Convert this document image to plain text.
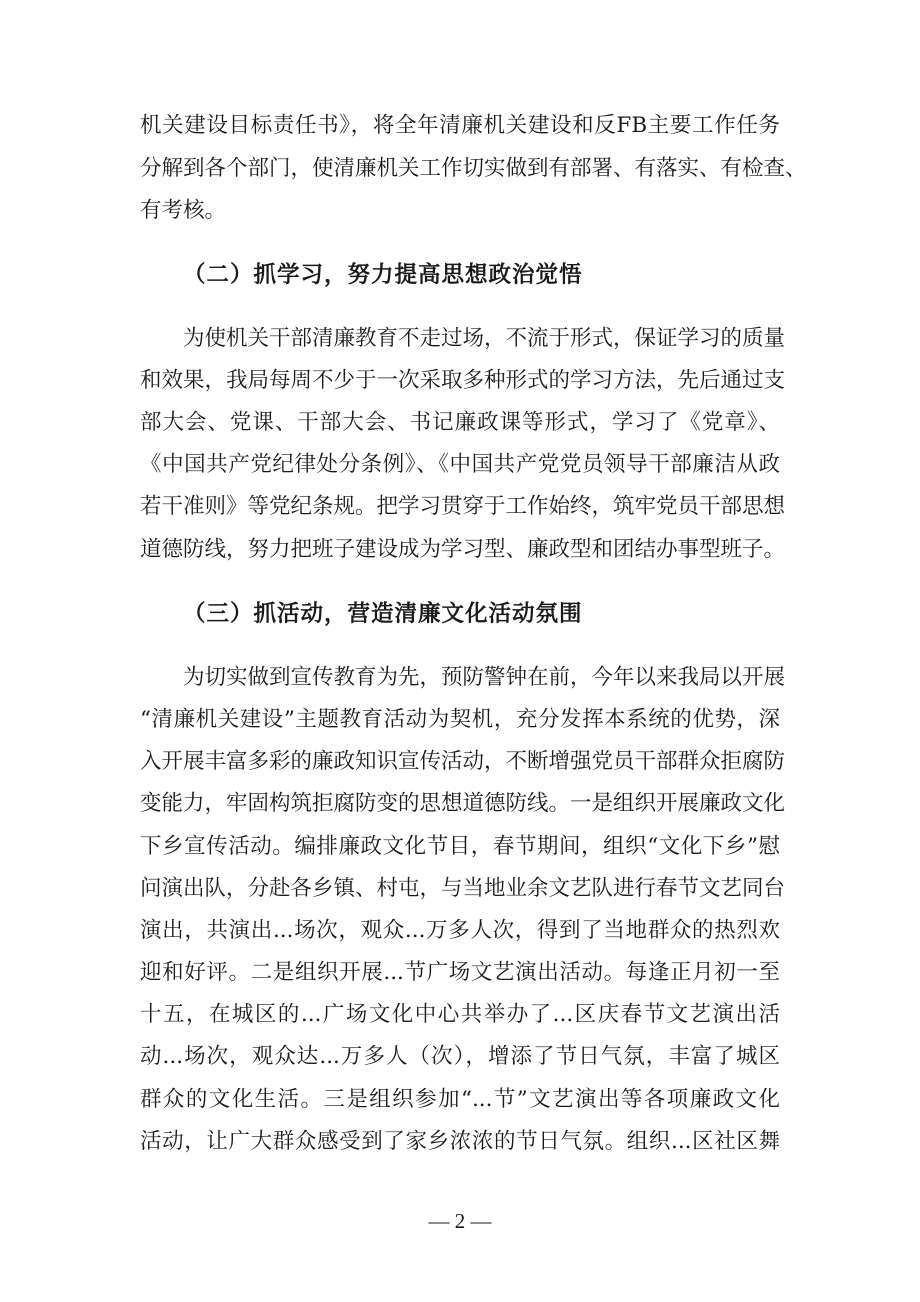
机关建设目标责任书》，将全年清廉机关建设和反FB主要工作任务
分解到各个部门，使清廉机关工作切实做到有部署、有落实、有检查、
有考核。
（二）抓学习，努力提高思想政治觉悟
为使机关干部清廉教育不走过场，不流于形式，保证学习的质量
和效果，我局每周不少于一次采取多种形式的学习方法，先后通过支
部大会、党课、干部大会、书记廉政课等形式，学习了《党章》、
《中国共产党纪律处分条例》、《中国共产党党员领导干部廉洁从政
若干准则》等党纪条规。把学习贯穿于工作始终，筑牢党员干部思想
道德防线，努力把班子建设成为学习型、廉政型和团结办事型班子。
（三）抓活动，营造清廉文化活动氛围
为切实做到宣传教育为先，预防警钟在前，今年以来我局以开展
“清廉机关建设”主题教育活动为契机，充分发挥本系统的优势，深
入开展丰富多彩的廉政知识宣传活动，不断增强党员干部群众拒腐防
变能力，牢固构筑拒腐防变的思想道德防线。一是组织开展廉政文化
下乡宣传活动。编排廉政文化节目，春节期间，组织“文化下乡”慰
问演出队，分赴各乡镇、村屯，与当地业余文艺队进行春节文艺同台
演出，共演出...场次，观众...万多人次，得到了当地群众的热烈欢
迎和好评。二是组织开展...节广场文艺演出活动。每逢正月初一至
十五，在城区的...广场文化中心共举办了...区庆春节文艺演出活
动...场次，观众达...万多人（次），增添了节日气氛，丰富了城区
群众的文化生活。三是组织参加“...节”文艺演出等各项廉政文化
活动，让广大群众感受到了家乡浓浓的节日气氛。组织...区社区舞
— 2 —
